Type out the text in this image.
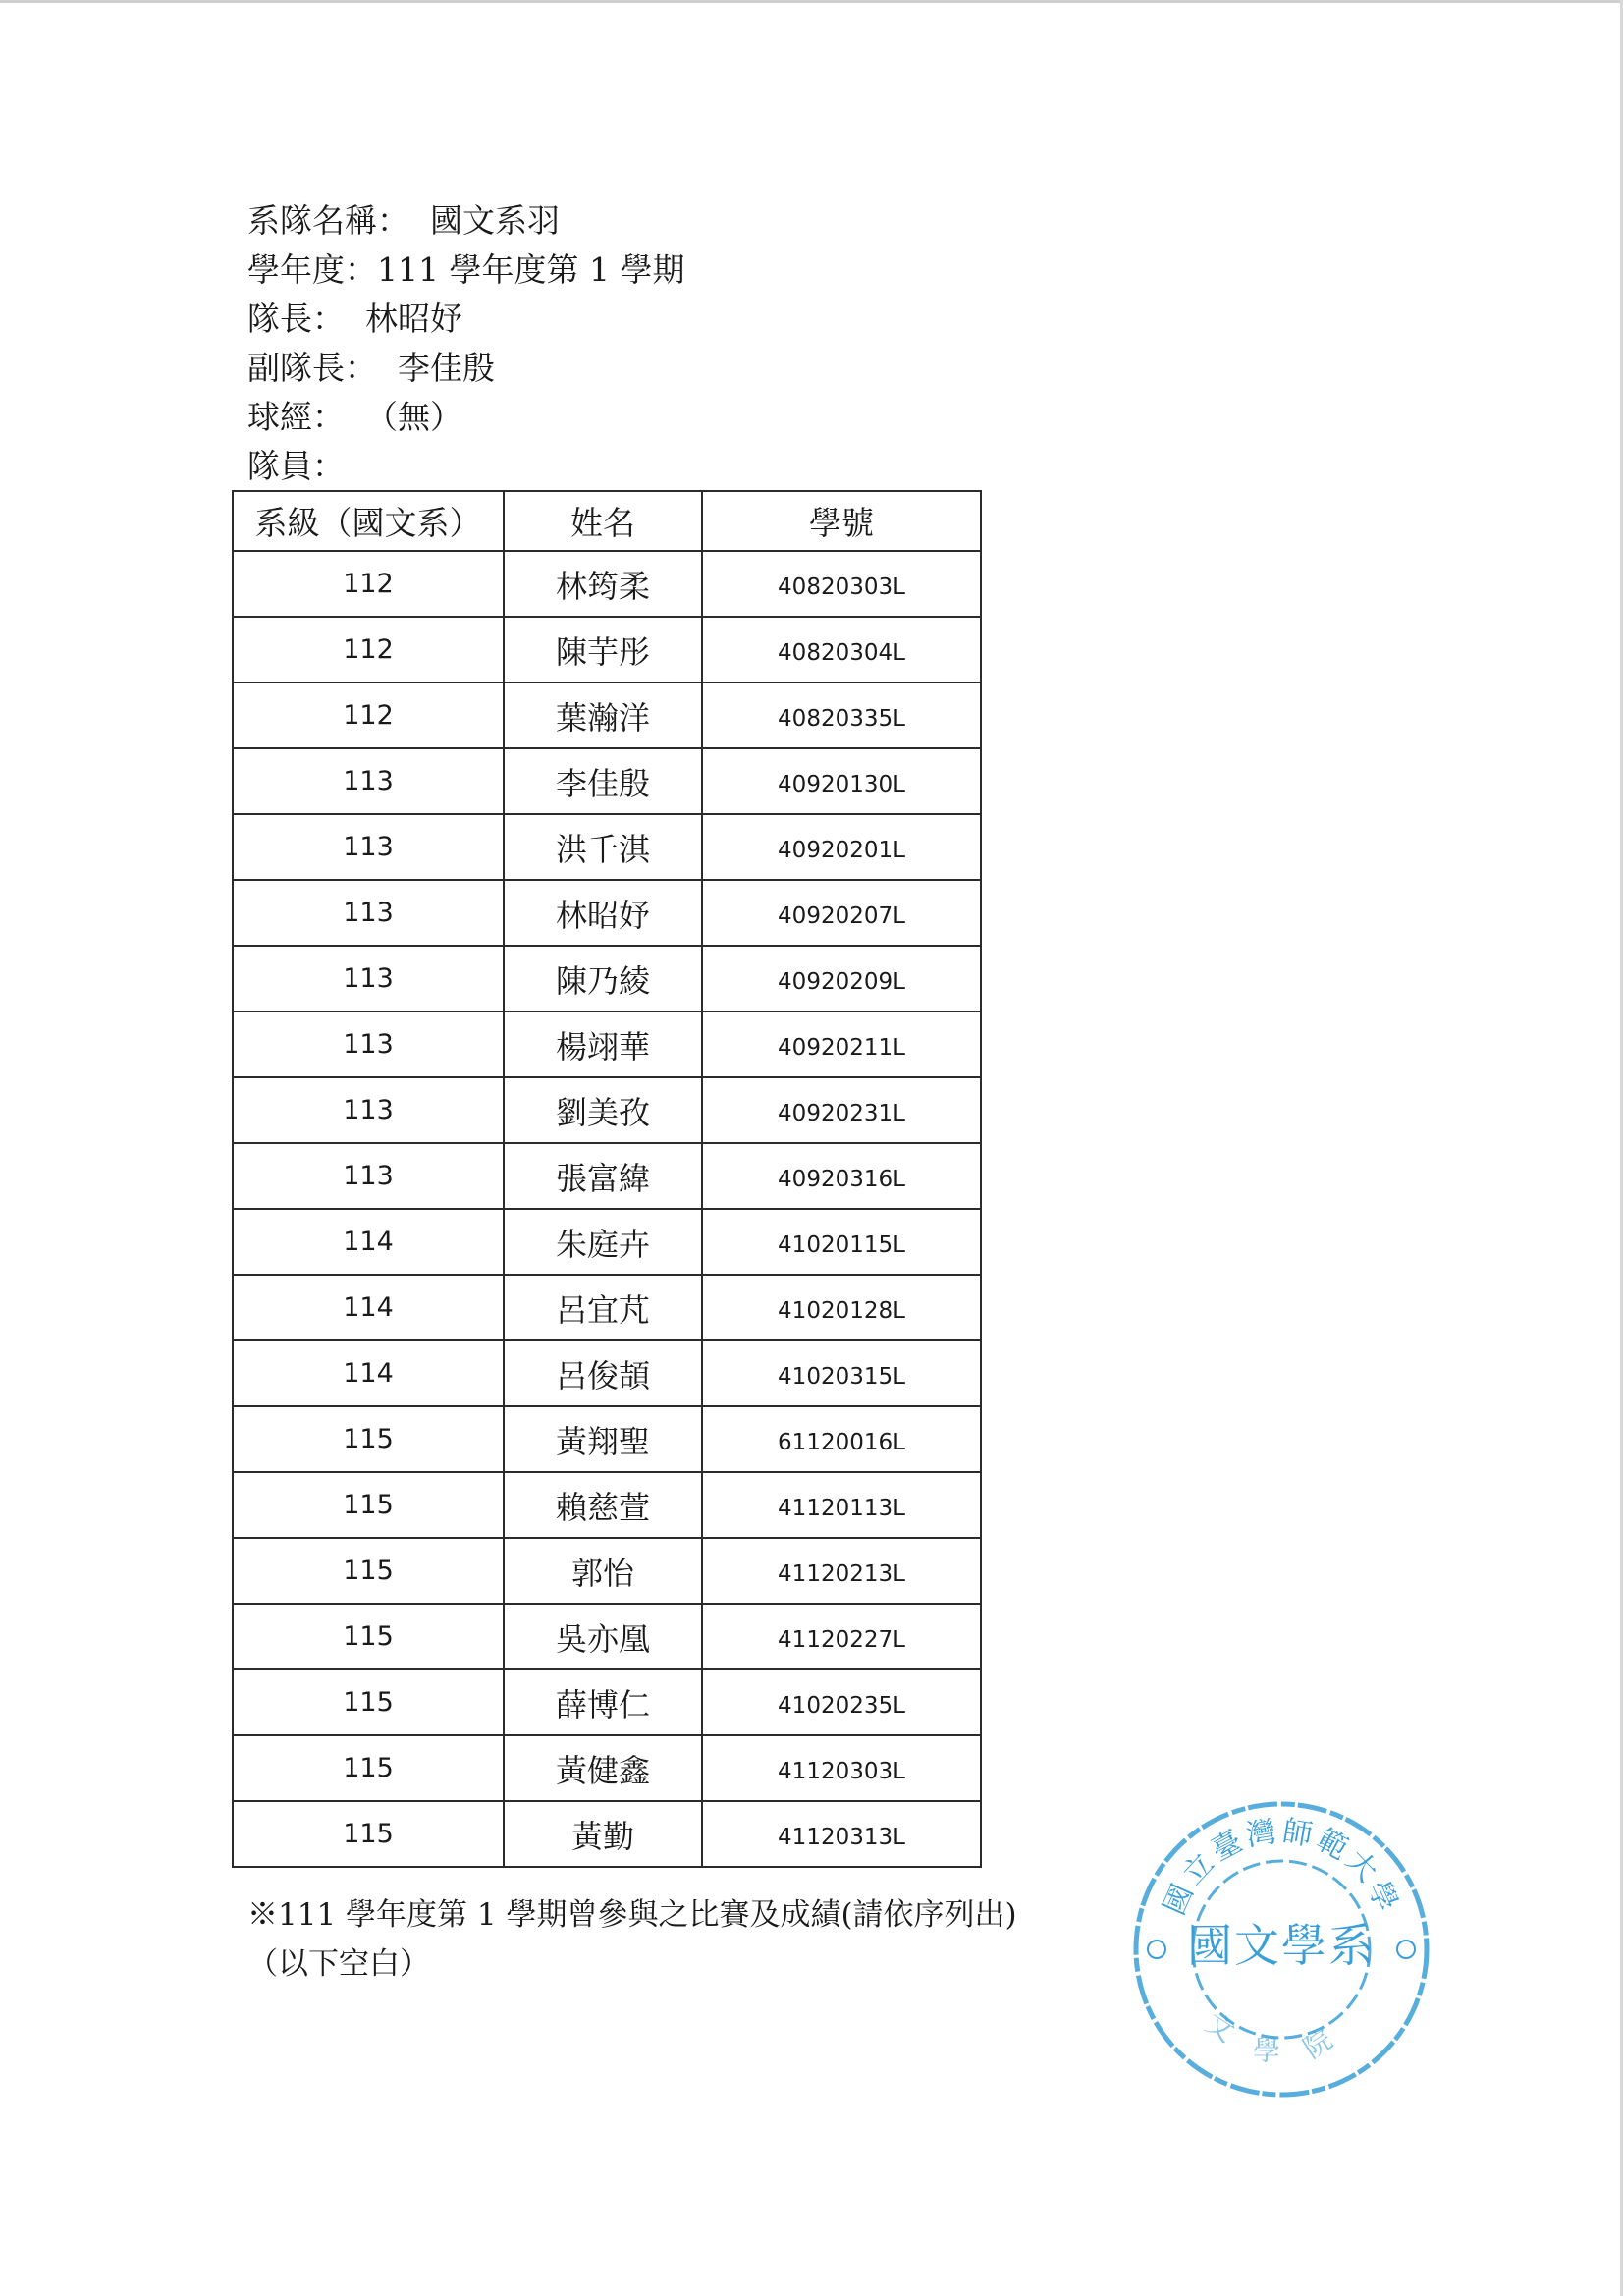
系隊名稱：  國文系羽
學年度：111 學年度第 1 學期
隊長：  林昭妤
副隊長：  李佳殷
球經：  （無）
隊員：
系級（國文系）	姓名	學號
112	林筠柔	40820303L
112	陳芋彤	40820304L
112	葉瀚洋	40820335L
113	李佳殷	40920130L
113	洪千淇	40920201L
113	林昭妤	40920207L
113	陳乃綾	40920209L
113	楊翊華	40920211L
113	劉美孜	40920231L
113	張富緯	40920316L
114	朱庭卉	41020115L
114	呂宜芃	41020128L
114	呂俊頡	41020315L
115	黃翔聖	61120016L
115	賴慈萱	41120113L
115	郭怡	41120213L
115	吳亦凰	41120227L
115	薛博仁	41020235L
115	黃健鑫	41120303L
115	黃勤	41120313L
※111 學年度第 1 學期曾參與之比賽及成績(請依序列出)
（以下空白）
國立臺灣師範大學
國文學系
文學院
